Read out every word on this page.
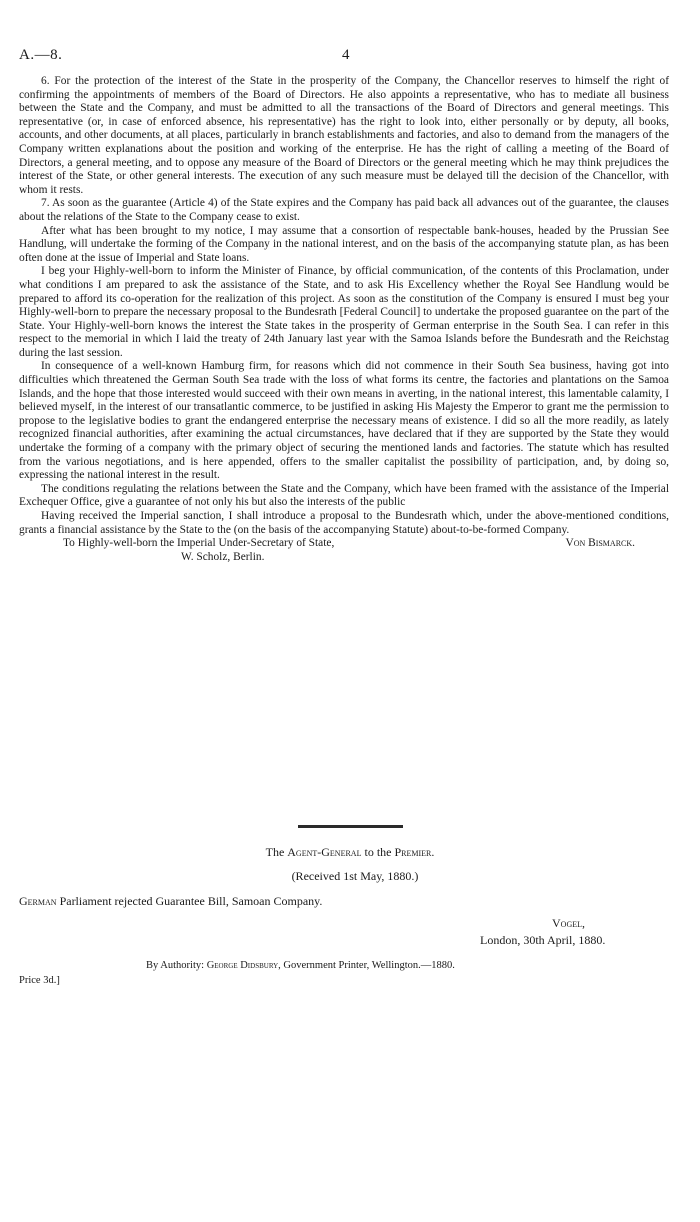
A.—8.	4

6. For the protection of the interest of the State in the prosperity of the Company, the Chancellor reserves to himself the right of confirming the appointments of members of the Board of Directors. He also appoints a representative, who has to mediate all business between the State and the Company, and must be admitted to all the transactions of the Board of Directors and general meetings. This representative (or, in case of enforced absence, his representative) has the right to look into, either personally or by deputy, all books, accounts, and other documents, at all places, particularly in branch establishments and factories, and also to demand from the managers of the Company written explanations about the position and working of the enterprise. He has the right of calling a meeting of the Board of Directors, a general meeting, and to oppose any measure of the Board of Directors or the general meeting which he may think prejudices the interest of the State, or other general interests. The execution of any such measure must be delayed till the decision of the Chancellor, with whom it rests.

7. As soon as the guarantee (Article 4) of the State expires and the Company has paid back all advances out of the guarantee, the clauses about the relations of the State to the Company cease to exist.

After what has been brought to my notice, I may assume that a consortion of respectable bank-houses, headed by the Prussian See Handlung, will undertake the forming of the Company in the national interest, and on the basis of the accompanying statute plan, as has been often done at the issue of Imperial and State loans.

I beg your Highly-well-born to inform the Minister of Finance, by official communication, of the contents of this Proclamation, under what conditions I am prepared to ask the assistance of the State, and to ask His Excellency whether the Royal See Handlung would be prepared to afford its co-operation for the realization of this project. As soon as the constitution of the Company is ensured I must beg your Highly-well-born to prepare the necessary proposal to the Bundesrath [Federal Council] to undertake the proposed guarantee on the part of the State. Your Highly-well-born knows the interest the State takes in the prosperity of German enterprise in the South Sea. I can refer in this respect to the memorial in which I laid the treaty of 24th January last year with the Samoa Islands before the Bundesrath and the Reichstag during the last session.

In consequence of a well-known Hamburg firm, for reasons which did not commence in their South Sea business, having got into difficulties which threatened the German South Sea trade with the loss of what forms its centre, the factories and plantations on the Samoa Islands, and the hope that those interested would succeed with their own means in averting, in the national interest, this lamentable calamity, I believed myself, in the interest of our transatlantic commerce, to be justified in asking His Majesty the Emperor to grant me the permission to propose to the legislative bodies to grant the endangered enterprise the necessary means of existence. I did so all the more readily, as lately recognized financial authorities, after examining the actual circumstances, have declared that if they are supported by the State they would undertake the forming of a company with the primary object of securing the mentioned lands and factories. The statute which has resulted from the various negotiations, and is here appended, offers to the smaller capitalist the possibility of participation, and, by doing so, expressing the national interest in the result.

The conditions regulating the relations between the State and the Company, which have been framed with the assistance of the Imperial Exchequer Office, give a guarantee of not only his but also the interests of the public

Having received the Imperial sanction, I shall introduce a proposal to the Bundesrath which, under the above-mentioned conditions, grants a financial assistance by the State to the (on the basis of the accompanying Statute) about-to-be-formed Company.
Von Bismarck.

To Highly-well-born the Imperial Under-Secretary of State,

W. Scholz, Berlin.

The Agent-General to the Premier.
(Received 1st May, 1880.)
German Parliament rejected Guarantee Bill, Samoan Company.
Vogel,
London, 30th April, 1880.
By Authority: George Didsbury, Government Printer, Wellington.—1880.
Price 3d.]
